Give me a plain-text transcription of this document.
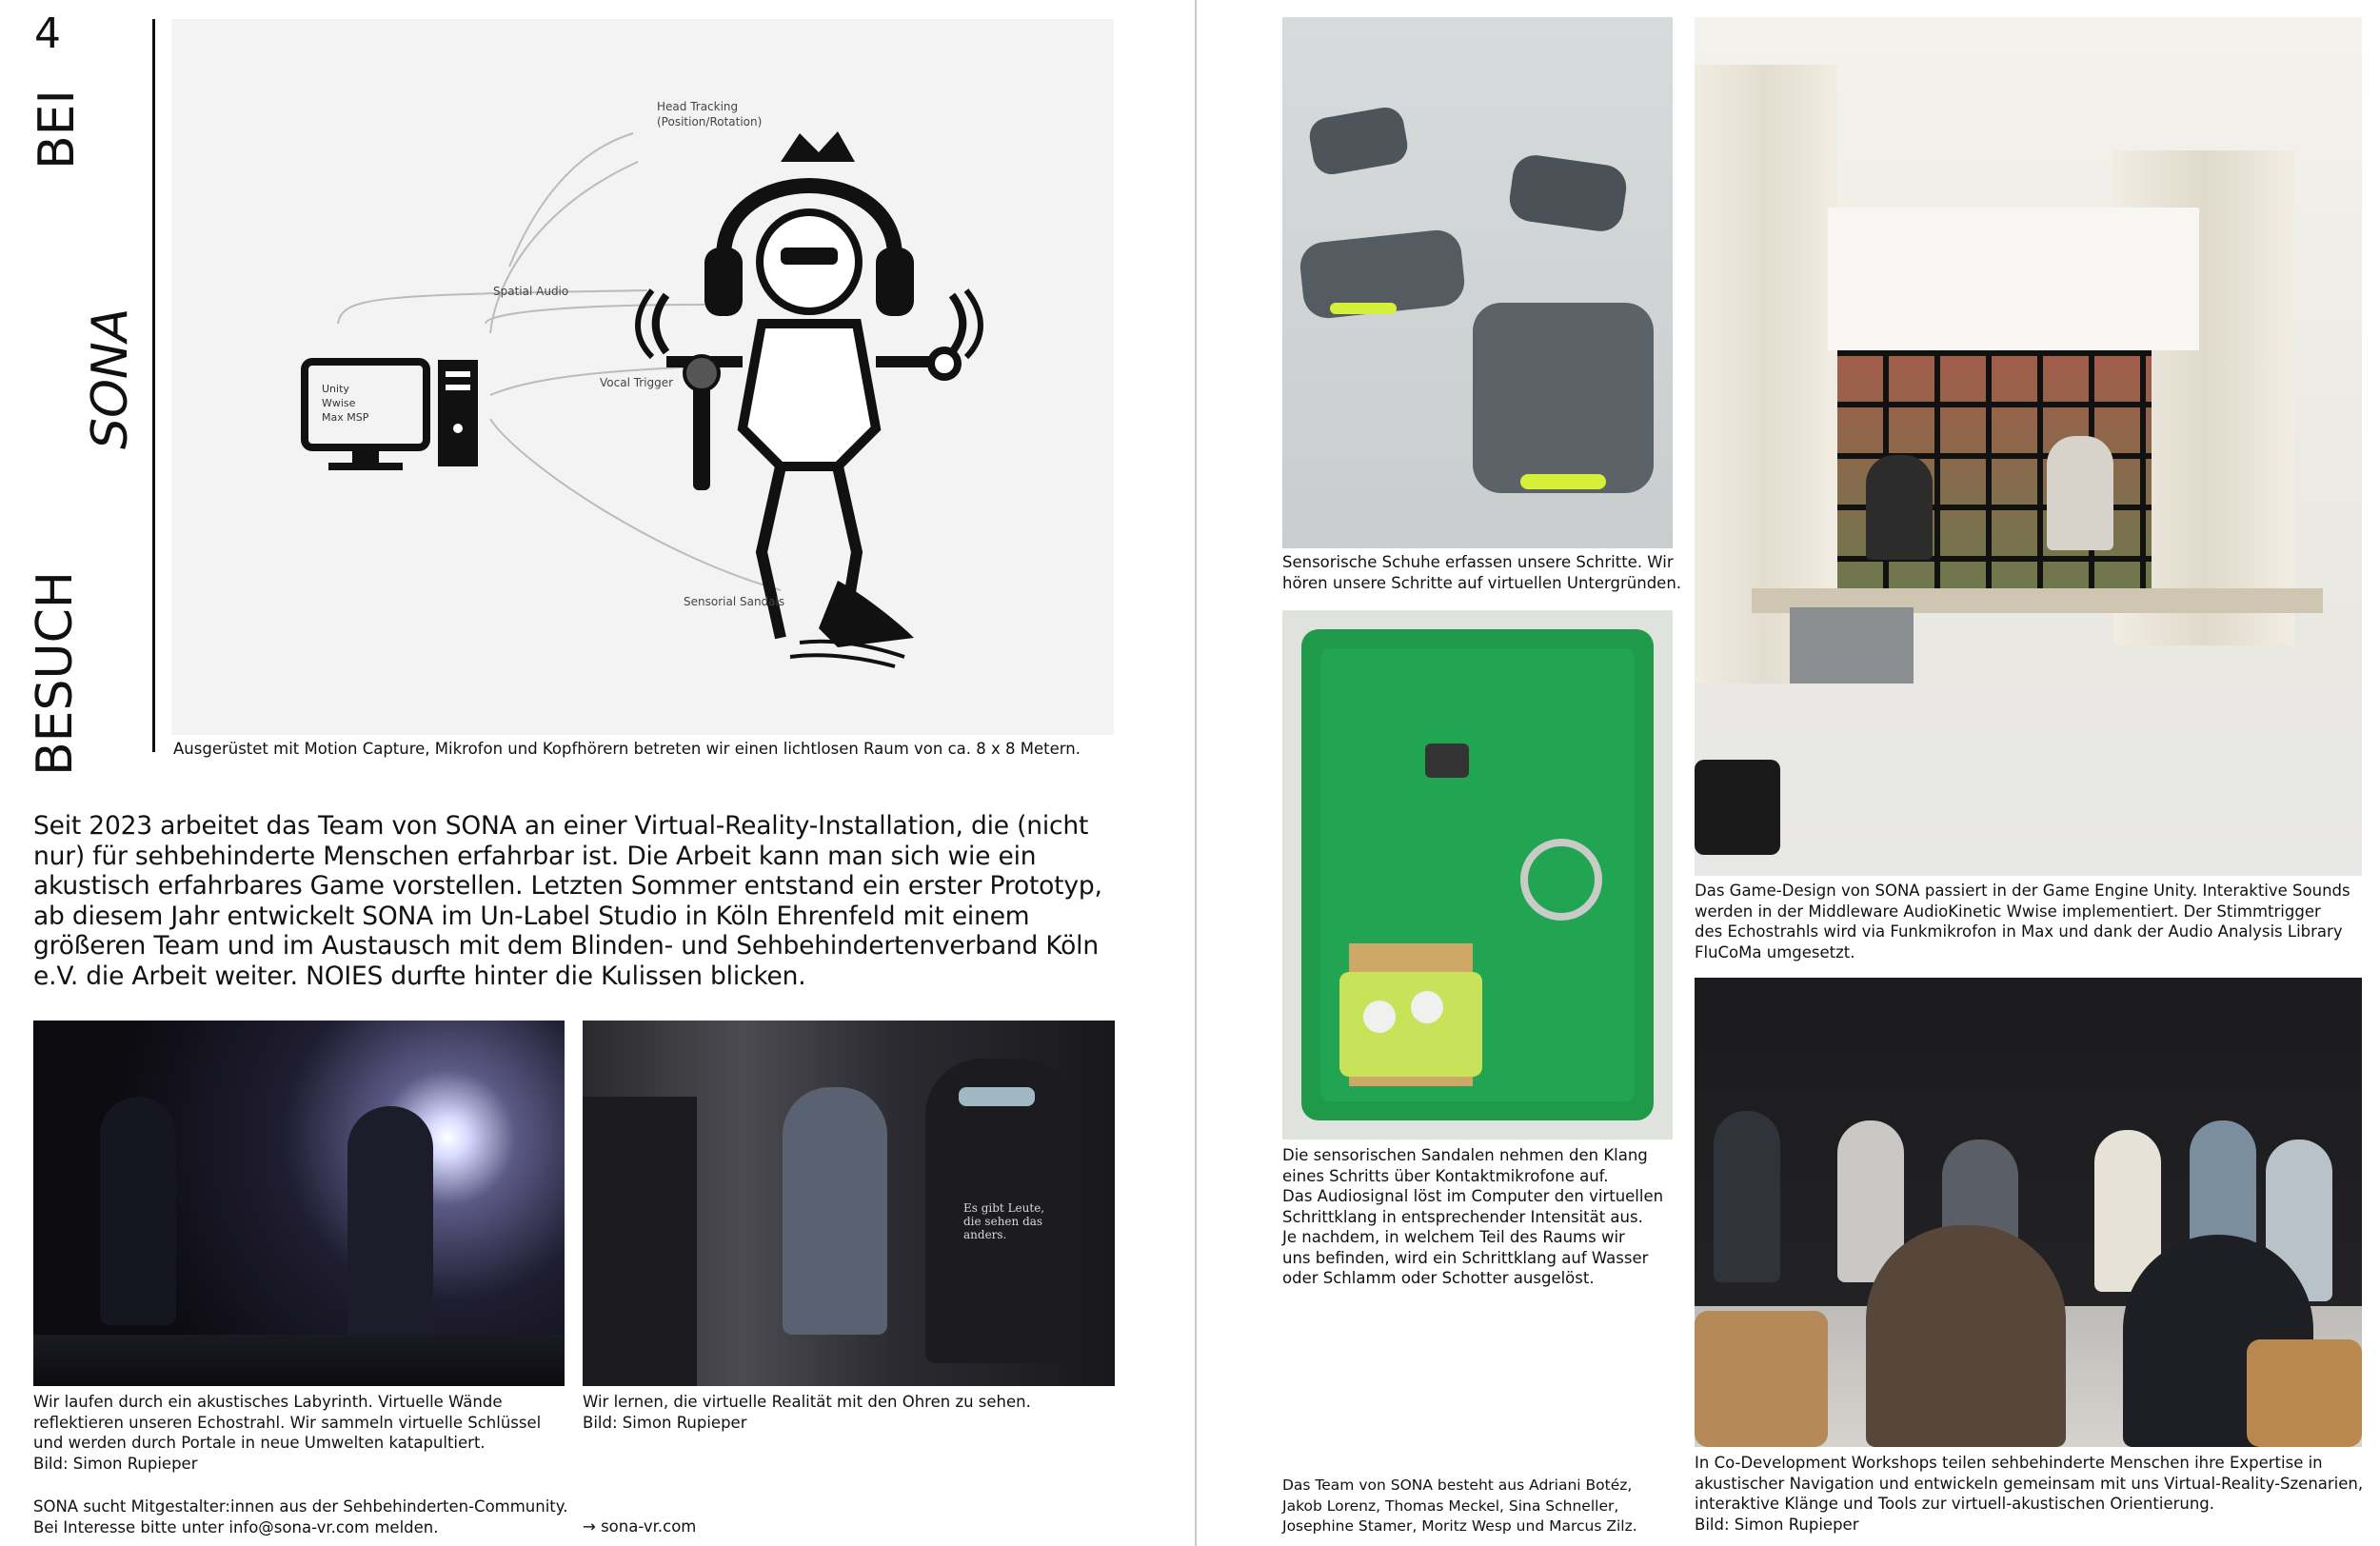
4
BESUCH
BEI
SONA	Unity
Wwise
Max MSP
Head Tracking
(Position/Rotation)
Spatial Audio
Vocal Trigger
Sensorial Sandals
Ausgerüstet mit Motion Capture, Mikrofon und Kopfhörern betreten wir einen lichtlosen Raum von ca. 8 x 8 Metern.
Seit 2023 arbeitet das Team von SONA an einer Virtual-Reality-Installation, die (nicht nur) für sehbehinderte Menschen erfahrbar ist. Die Arbeit kann man sich wie ein akustisch erfahrbares Game vorstellen. Letzten Sommer entstand ein erster Prototyp, ab diesem Jahr entwickelt SONA im Un-Label Studio in Köln Ehrenfeld mit einem größeren Team und im Austausch mit dem Blinden- und Sehbehindertenverband Köln e.V. die Arbeit weiter. NOIES durfte hinter die Kulissen blicken.
Wir laufen durch ein akustisches Labyrinth. Virtuelle Wände
reflektieren unseren Echostrahl. Wir sammeln virtuelle Schlüssel
und werden durch Portale in neue Umwelten katapultiert.
Bild: Simon Rupieper
Es gibt Leute, die sehen das anders.
Wir lernen, die virtuelle Realität mit den Ohren zu sehen.
Bild: Simon Rupieper
SONA sucht Mitgestalter:innen aus der Sehbehinderten-Community.
Bei Interesse bitte unter info@sona-vr.com melden.	→ sona-vr.com
Sensorische Schuhe erfassen unsere Schritte. Wir
hören unsere Schritte auf virtuellen Untergründen.
Die sensorischen Sandalen nehmen den Klang
eines Schritts über Kontaktmikrofone auf.
Das Audiosignal löst im Computer den virtuellen
Schrittklang in entsprechender Intensität aus.
Je nachdem, in welchem Teil des Raums wir
uns befinden, wird ein Schrittklang auf Wasser
oder Schlamm oder Schotter ausgelöst.
Das Team von SONA besteht aus Adriani Botéz,
Jakob Lorenz, Thomas Meckel, Sina Schneller,
Josephine Stamer, Moritz Wesp und Marcus Zilz.
Das Game-Design von SONA passiert in der Game Engine Unity. Interaktive Sounds
werden in der Middleware AudioKinetic Wwise implementiert. Der Stimmtrigger
des Echostrahls wird via Funkmikrofon in Max und dank der Audio Analysis Library
FluCoMa umgesetzt.
In Co-Development Workshops teilen sehbehinderte Menschen ihre Expertise in
akustischer Navigation und entwickeln gemeinsam mit uns Virtual-Reality-Szenarien,
interaktive Klänge und Tools zur virtuell-akustischen Orientierung.
Bild: Simon Rupieper
